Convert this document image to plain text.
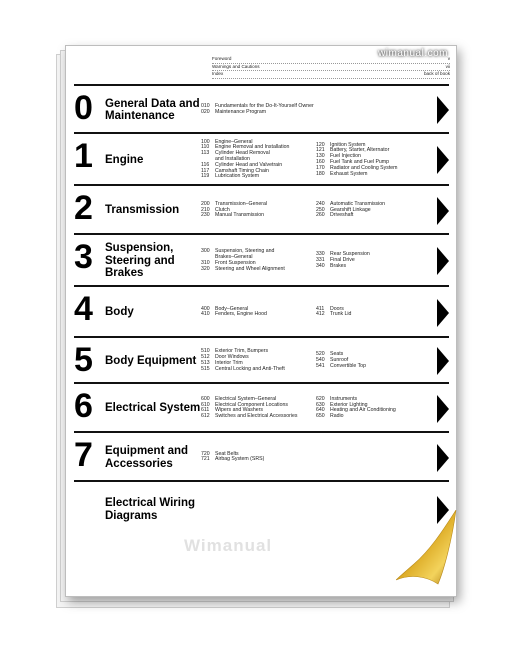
wimanual.com
Foreword	v
Warnings and Cautions	vii
Index	back of book
0 General Data and
Maintenance
010	Fundamentals for the Do-It-Yourself Owner
020	Maintenance Program
1 Engine
100	Engine–General
110	Engine Removal and Installation
113	Cylinder Head Removal
and Installation
116	Cylinder Head and Valvetrain
117	Camshaft Timing Chain
119	Lubrication System
120	Ignition System
121	Battery, Starter, Alternator
130	Fuel Injection
160	Fuel Tank and Fuel Pump
170	Radiator and Cooling System
180	Exhaust System
2 Transmission
200	Transmission–General
210	Clutch
230	Manual Transmission
240	Automatic Transmission
250	Gearshift Linkage
260	Driveshaft
3 Suspension,
Steering and
Brakes
300	Suspension, Steering and
Brakes–General
310	Front Suspension
320	Steering and Wheel Alignment
330	Rear Suspension
331	Final Drive
340	Brakes
4 Body	400	Body–General
410	Fenders, Engine Hood
411	Doors
412	Trunk Lid
5 Body Equipment
510	Exterior Trim, Bumpers
512	Door Windows
513	Interior Trim
515	Central Locking and Anti-Theft
520	Seats
540	Sunroof
541	Convertible Top
6 Electrical System
600	Electrical System–General
610	Electrical Component Locations
611	Wipers and Washers
612	Switches and Electrical Accessories
620	Instruments
630	Exterior Lighting
640	Heating and Air Conditioning
650	Radio
7 Equipment and
Accessories
720	Seat Belts
721	Airbag System (SRS)
Electrical Wiring
Diagrams
Wimanual
